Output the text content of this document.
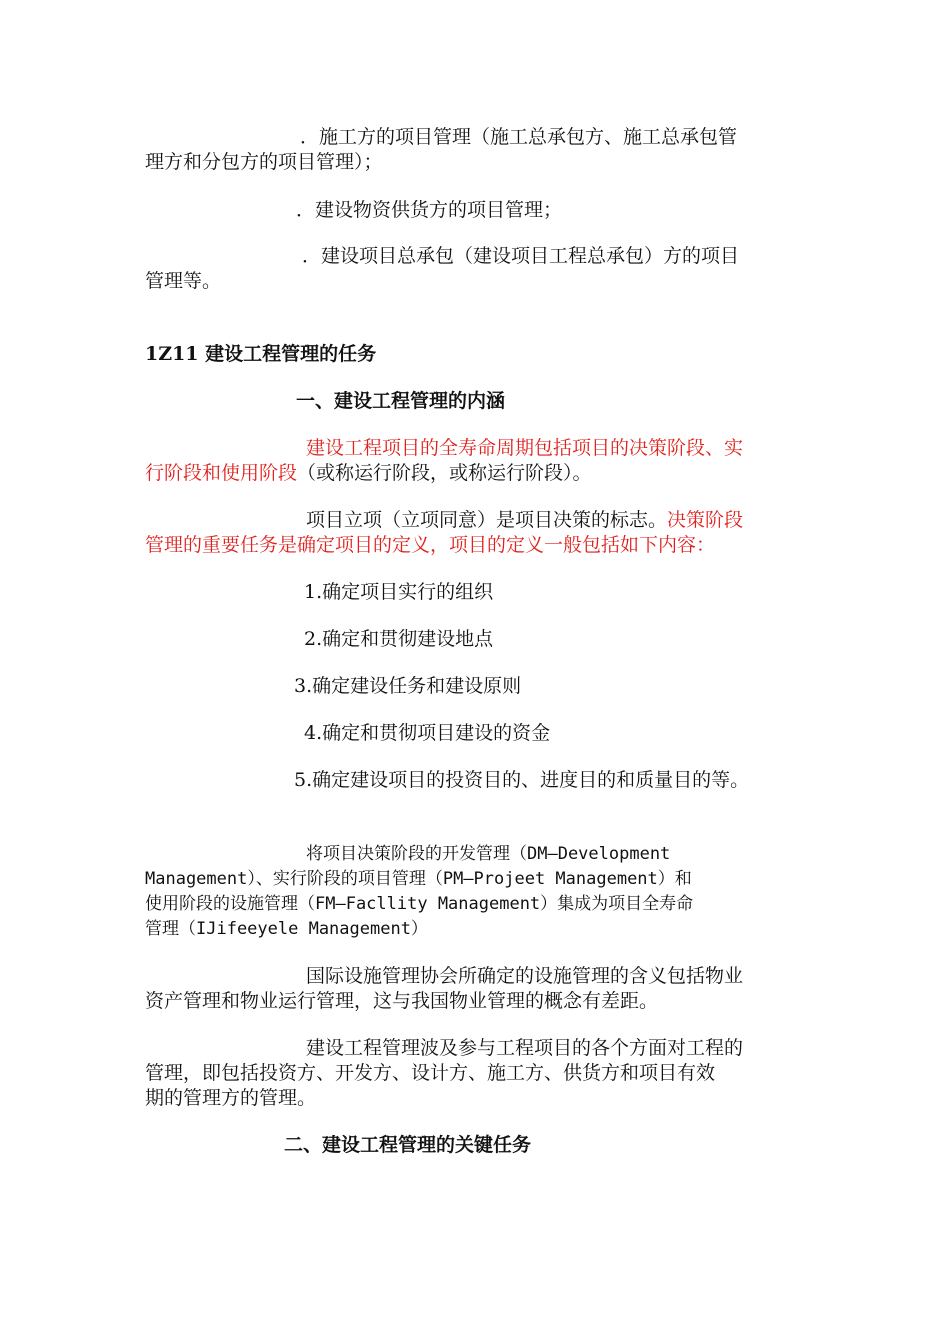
．施工方的项目管理（施工总承包方、施工总承包管
理方和分包方的项目管理）；
．建设物资供货方的项目管理；
．建设项目总承包（建设项目工程总承包）方的项目
管理等。
1Z11 建设工程管理的任务
一、建设工程管理的内涵
建设工程项目的全寿命周期包括项目的决策阶段、实
行阶段和使用阶段（或称运行阶段，或称运行阶段）。
项目立项（立项同意）是项目决策的标志。决策阶段
管理的重要任务是确定项目的定义，项目的定义一般包括如下内容：
1.确定项目实行的组织
2.确定和贯彻建设地点
3.确定建设任务和建设原则
4.确定和贯彻项目建设的资金
5.确定建设项目的投资目的、进度目的和质量目的等。
将项目决策阶段的开发管理（DM—Development
Management）、实行阶段的项目管理（PM—Projeet Management）和
使用阶段的设施管理（FM—Facllity Management）集成为项目全寿命
管理（IJifeeyele Management）
国际设施管理协会所确定的设施管理的含义包括物业
资产管理和物业运行管理，这与我国物业管理的概念有差距。
建设工程管理波及参与工程项目的各个方面对工程的
管理，即包括投资方、开发方、设计方、施工方、供货方和项目有效
期的管理方的管理。
二、建设工程管理的关键任务
